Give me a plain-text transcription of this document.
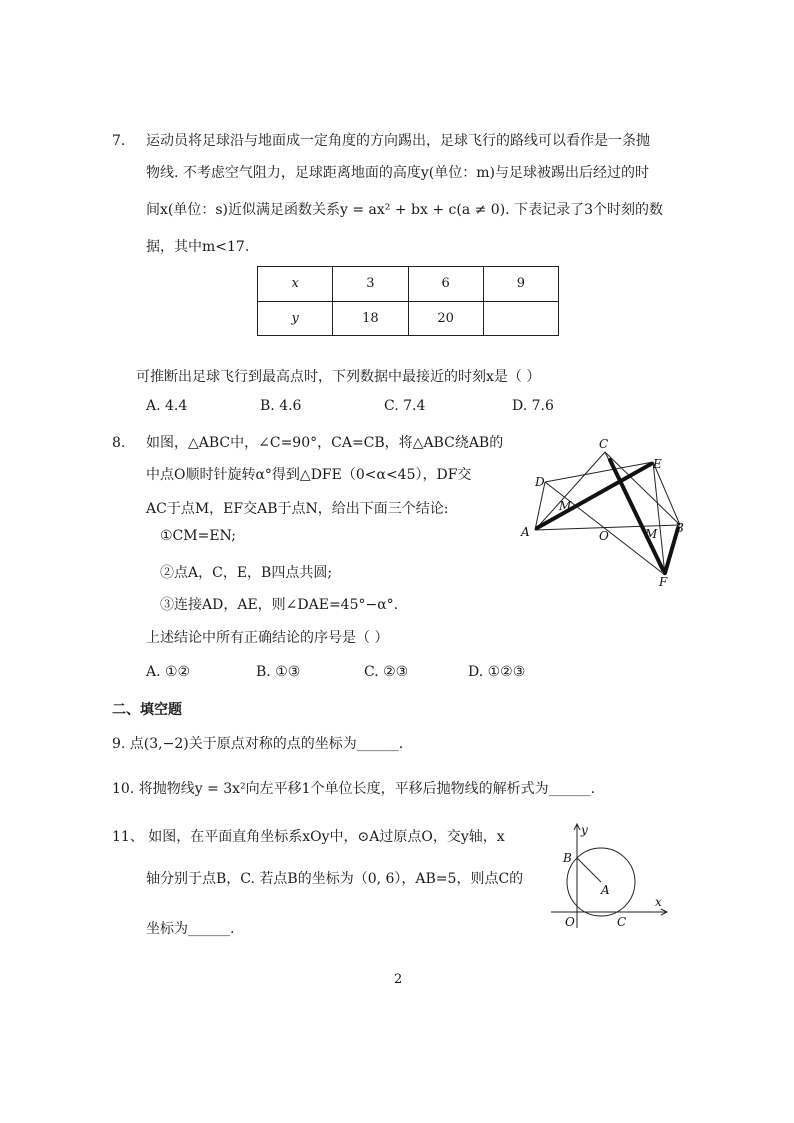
7. 运动员将足球沿与地面成一定角度的方向踢出，足球飞行的路线可以看作是一条抛
物线. 不考虑空气阻力，足球距离地面的高度y(单位：m)与足球被踢出后经过的时
间x(单位：s)近似满足函数关系y = ax² + bx + c(a ≠ 0). 下表记录了3个时刻的数
据，其中m<17.
x	3	6	9
y	18	20	
可推断出足球飞行到最高点时，下列数据中最接近的时刻x是（ ）
A. 4.4	B. 4.6	C. 7.4	D. 7.6
8. 如图，△ABC中，∠C=90°，CA=CB，将△ABC绕AB的
中点O顺时针旋转α°得到△DFE（0<α<45），DF交
AC于点M，EF交AB于点N，给出下面三个结论:
①CM=EN;
②点A，C，E，B四点共圆;
③连接AD，AE，则∠DAE=45°−α°.
上述结论中所有正确结论的序号是（ ）
A. ①②	B. ①③	C. ②③	D. ①②③
C
E
D
M
A	O	M B
F
二、填空题
9. 点(3,−2)关于原点对称的点的坐标为______.
10. 将抛物线y = 3x²向左平移1个单位长度，平移后抛物线的解析式为______.
11、 如图，在平面直角坐标系xOy中，⊙A过原点O，交y轴，x
轴分别于点B，C. 若点B的坐标为（0, 6），AB=5，则点C的
坐标为______.
y
x
B
A
O	C
2
